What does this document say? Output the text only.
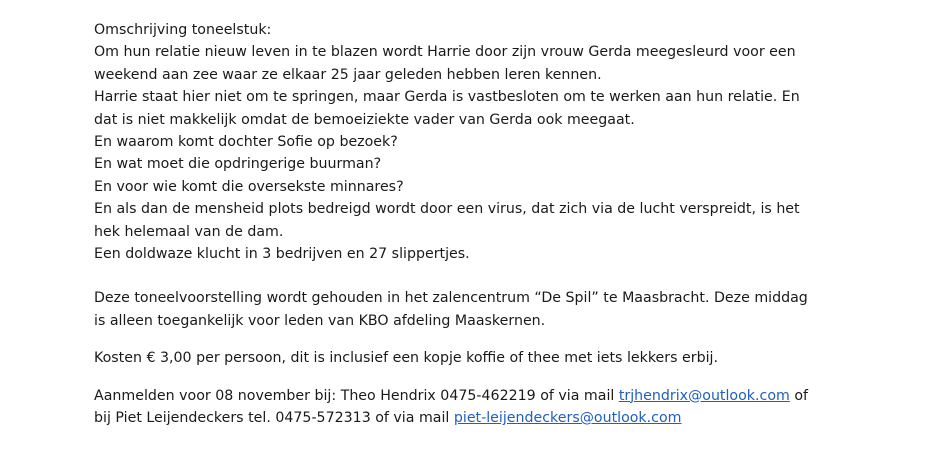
Omschrijving toneelstuk:
Om hun relatie nieuw leven in te blazen wordt Harrie door zijn vrouw Gerda meegesleurd voor een
weekend aan zee waar ze elkaar 25 jaar geleden hebben leren kennen.
Harrie staat hier niet om te springen, maar Gerda is vastbesloten om te werken aan hun relatie. En
dat is niet makkelijk omdat de bemoeiziekte vader van Gerda ook meegaat.
En waarom komt dochter Sofie op bezoek?
En wat moet die opdringerige buurman?
En voor wie komt die oversekste minnares?
En als dan de mensheid plots bedreigd wordt door een virus, dat zich via de lucht verspreidt, is het
hek helemaal van de dam.
Een doldwaze klucht in 3 bedrijven en 27 slippertjes.
Deze toneelvoorstelling wordt gehouden in het zalencentrum “De Spil” te Maasbracht. Deze middag
is alleen toegankelijk voor leden van KBO afdeling Maaskernen.
Kosten € 3,00 per persoon, dit is inclusief een kopje koffie of thee met iets lekkers erbij.
Aanmelden voor 08 november bij: Theo Hendrix 0475-462219 of via mail trjhendrix@outlook.com of
bij Piet Leijendeckers tel. 0475-572313 of via mail piet-leijendeckers@outlook.com
